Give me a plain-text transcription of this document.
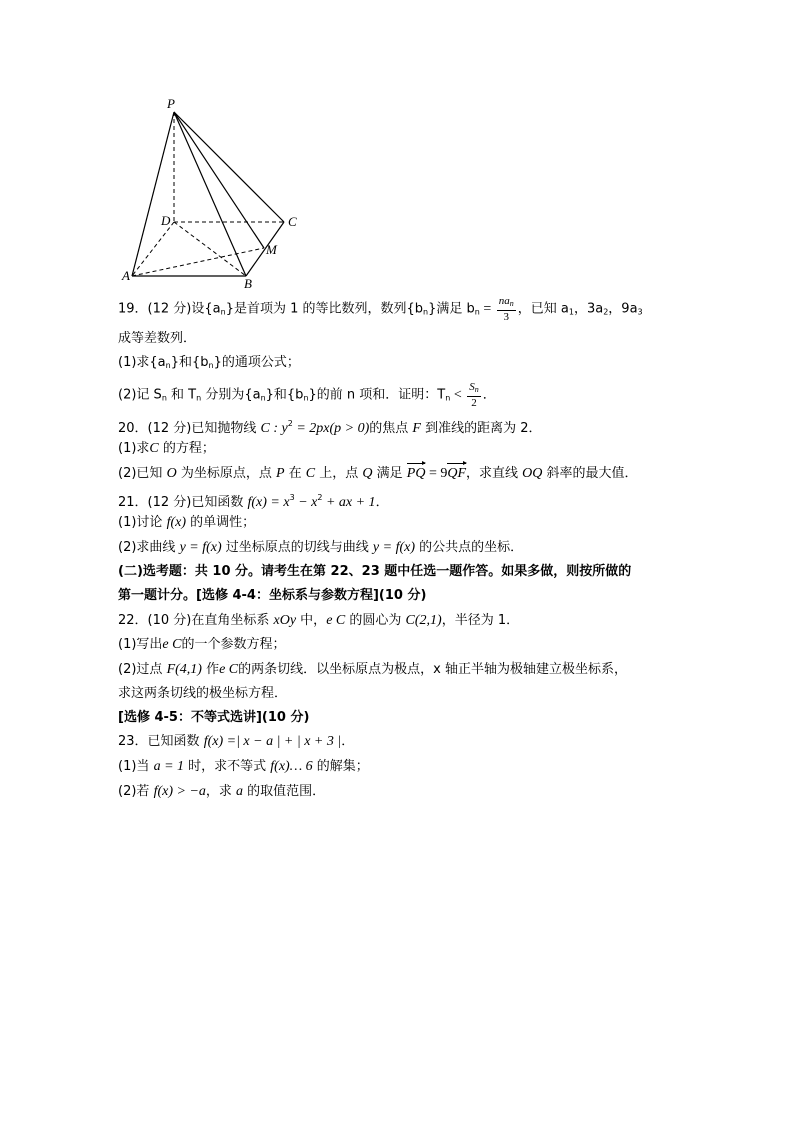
P
D	C
M
A
B
19．(12 分)设$\{a_n\}$是首项为 1 的等比数列，数列$\{b_n\}$满足 $b_n = \frac{na_n}{3}$ ，已知 $a_1$，$3a_2$，$9a_3$
成等差数列．
(1)求$\{a_n\}$和$\{b_n\}$的通项公式；
(2)记 $S_n$ 和 $T_n$ 分别为$\{a_n\}$和$\{b_n\}$的前 n 项和．证明：$T_n < \frac{S_n}{2}$ ．
20．(12 分)已知抛物线 C : $y^2 = 2px(p > 0)$的焦点 F 到准线的距离为 2．
(1)求C 的方程；
(2)已知 O 为坐标原点，点 P 在 C 上，点 Q 满足 PQ = 9QF，求直线 OQ 斜率的最大值．
21．(12 分)已知函数 $f(x) = x^3 - x^2$ + ax + 1．
(1)讨论 f(x) 的单调性；
(2)求曲线 y = f(x) 过坐标原点的切线与曲线 y = f(x) 的公共点的坐标．
(二)选考题：共 10 分。请考生在第 22、23 题中任选一题作答。如果多做，则按所做的
第一题计分。[选修 4-4：坐标系与参数方程](10 分)
22．(10 分)在直角坐标系 xOy 中，e C 的圆心为 C(2,1)，半径为 1．
(1)写出e C的一个参数方程；
(2)过点 F(4,1) 作e C的两条切线．以坐标原点为极点，x 轴正半轴为极轴建立极坐标系，
求这两条切线的极坐标方程．
[选修 4-5：不等式选讲](10 分)
23．已知函数 f(x) =| x − a | + | x + 3 |．
(1)当 a = 1 时，求不等式 f(x)… 6 的解集；
(2)若 f(x) > −a，求 a 的取值范围．
